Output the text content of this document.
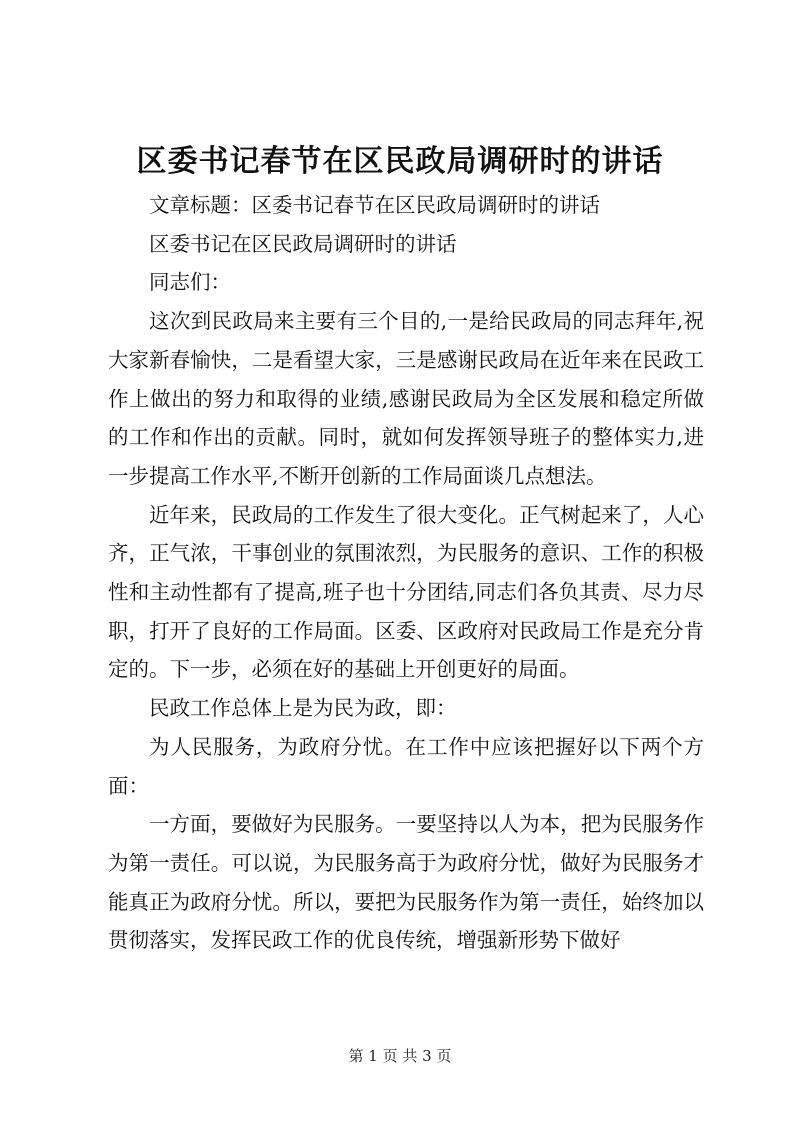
区委书记春节在区民政局调研时的讲话

文章标题：区委书记春节在区民政局调研时的讲话

区委书记在区民政局调研时的讲话

同志们：

这次到民政局来主要有三个目的,一是给民政局的同志拜年,祝大家新春愉快，二是看望大家，三是感谢民政局在近年来在民政工作上做出的努力和取得的业绩,感谢民政局为全区发展和稳定所做的工作和作出的贡献。同时，就如何发挥领导班子的整体实力,进一步提高工作水平,不断开创新的工作局面谈几点想法。

近年来，民政局的工作发生了很大变化。正气树起来了，人心齐，正气浓，干事创业的氛围浓烈，为民服务的意识、工作的积极性和主动性都有了提高,班子也十分团结,同志们各负其责、尽力尽职，打开了良好的工作局面。区委、区政府对民政局工作是充分肯定的。下一步，必须在好的基础上开创更好的局面。

民政工作总体上是为民为政，即：

为人民服务，为政府分忧。在工作中应该把握好以下两个方面：

一方面，要做好为民服务。一要坚持以人为本，把为民服务作为第一责任。可以说，为民服务高于为政府分忧，做好为民服务才能真正为政府分忧。所以，要把为民服务作为第一责任，始终加以贯彻落实，发挥民政工作的优良传统，增强新形势下做好

第 1 页 共 3 页
